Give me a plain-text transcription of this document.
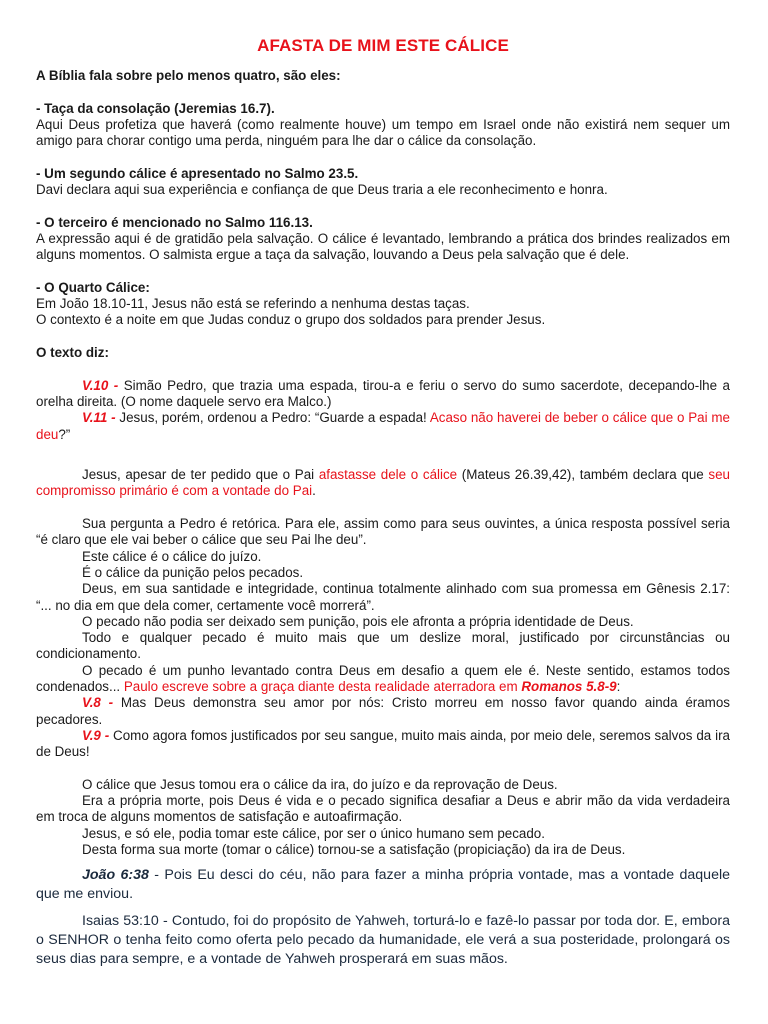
AFASTA DE MIM ESTE CÁLICE

A Bíblia fala sobre pelo menos quatro, são eles:

- Taça da consolação (Jeremias 16.7).

Aqui Deus profetiza que haverá (como realmente houve) um tempo em Israel onde não existirá nem sequer um amigo para chorar contigo uma perda, ninguém para lhe dar o cálice da consolação.

- Um segundo cálice é apresentado no Salmo 23.5.

Davi declara aqui sua experiência e confiança de que Deus traria a ele reconhecimento e honra.

- O terceiro é mencionado no Salmo 116.13.

A expressão aqui é de gratidão pela salvação. O cálice é levantado, lembrando a prática dos brindes realizados em alguns momentos. O salmista ergue a taça da salvação, louvando a Deus pela salvação que é dele.

- O Quarto Cálice:

Em João 18.10-11, Jesus não está se referindo a nenhuma destas taças.

O contexto é a noite em que Judas conduz o grupo dos soldados para prender Jesus.

O texto diz:

V.10 - Simão Pedro, que trazia uma espada, tirou-a e feriu o servo do sumo sacerdote, decepando-lhe a orelha direita. (O nome daquele servo era Malco.)

V.11 - Jesus, porém, ordenou a Pedro: “Guarde a espada! Acaso não haverei de beber o cálice que o Pai me deu?”

Jesus, apesar de ter pedido que o Pai afastasse dele o cálice (Mateus 26.39,42), também declara que seu compromisso primário é com a vontade do Pai.

Sua pergunta a Pedro é retórica. Para ele, assim como para seus ouvintes, a única resposta possível seria “é claro que ele vai beber o cálice que seu Pai lhe deu”.

Este cálice é o cálice do juízo.

É o cálice da punição pelos pecados.

Deus, em sua santidade e integridade, continua totalmente alinhado com sua promessa em Gênesis 2.17: “... no dia em que dela comer, certamente você morrerá”.

O pecado não podia ser deixado sem punição, pois ele afronta a própria identidade de Deus.

Todo e qualquer pecado é muito mais que um deslize moral, justificado por circunstâncias ou condicionamento.

O pecado é um punho levantado contra Deus em desafio a quem ele é. Neste sentido, estamos todos condenados... Paulo escreve sobre a graça diante desta realidade aterradora em Romanos 5.8-9:

V.8 - Mas Deus demonstra seu amor por nós: Cristo morreu em nosso favor quando ainda éramos pecadores.

V.9 - Como agora fomos justificados por seu sangue, muito mais ainda, por meio dele, seremos salvos da ira de Deus!

O cálice que Jesus tomou era o cálice da ira, do juízo e da reprovação de Deus.

Era a própria morte, pois Deus é vida e o pecado significa desafiar a Deus e abrir mão da vida verdadeira em troca de alguns momentos de satisfação e autoafirmação.

Jesus, e só ele, podia tomar este cálice, por ser o único humano sem pecado.

Desta forma sua morte (tomar o cálice) tornou-se a satisfação (propiciação) da ira de Deus.

João 6:38 - Pois Eu desci do céu, não para fazer a minha própria vontade, mas a vontade daquele que me enviou.

Isaias 53:10 - Contudo, foi do propósito de Yahweh, torturá-lo e fazê-lo passar por toda dor. E, embora o SENHOR o tenha feito como oferta pelo pecado da humanidade, ele verá a sua posteridade, prolongará os seus dias para sempre, e a vontade de Yahweh prosperará em suas mãos.
